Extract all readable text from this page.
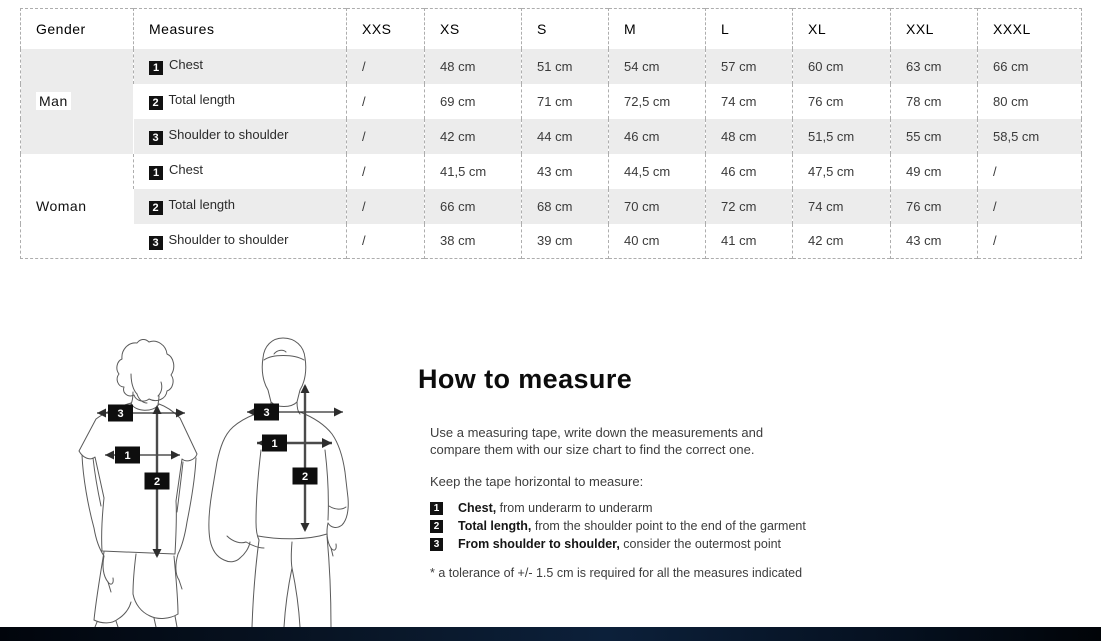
Gender	Measures	XXS	XS	S	M	L	XL	XXL	XXXL
Man	1 Chest	/	48 cm	51 cm	54 cm	57 cm	60 cm	63 cm	66 cm
	2 Total length	/	69 cm	71 cm	72,5 cm	74 cm	76 cm	78 cm	80 cm
	3 Shoulder to shoulder	/	42 cm	44 cm	46 cm	48 cm	51,5 cm	55 cm	58,5 cm
Woman	1 Chest	/	41,5 cm	43 cm	44,5 cm	46 cm	47,5 cm	49 cm	/
	2 Total length	/	66 cm	68 cm	70 cm	72 cm	74 cm	76 cm	/
	3 Shoulder to shoulder	/	38 cm	39 cm	40 cm	41 cm	42 cm	43 cm	/
3
1
2
3
1
2
How to measure
Use a measuring tape, write down the measurements and
compare them with our size chart to find the correct one.
Keep the tape horizontal to measure:
1 Chest, from underarm to underarm
2 Total length, from the shoulder point to the end of the garment
3 From shoulder to shoulder, consider the outermost point
* a tolerance of +/- 1.5 cm is required for all the measures indicated
